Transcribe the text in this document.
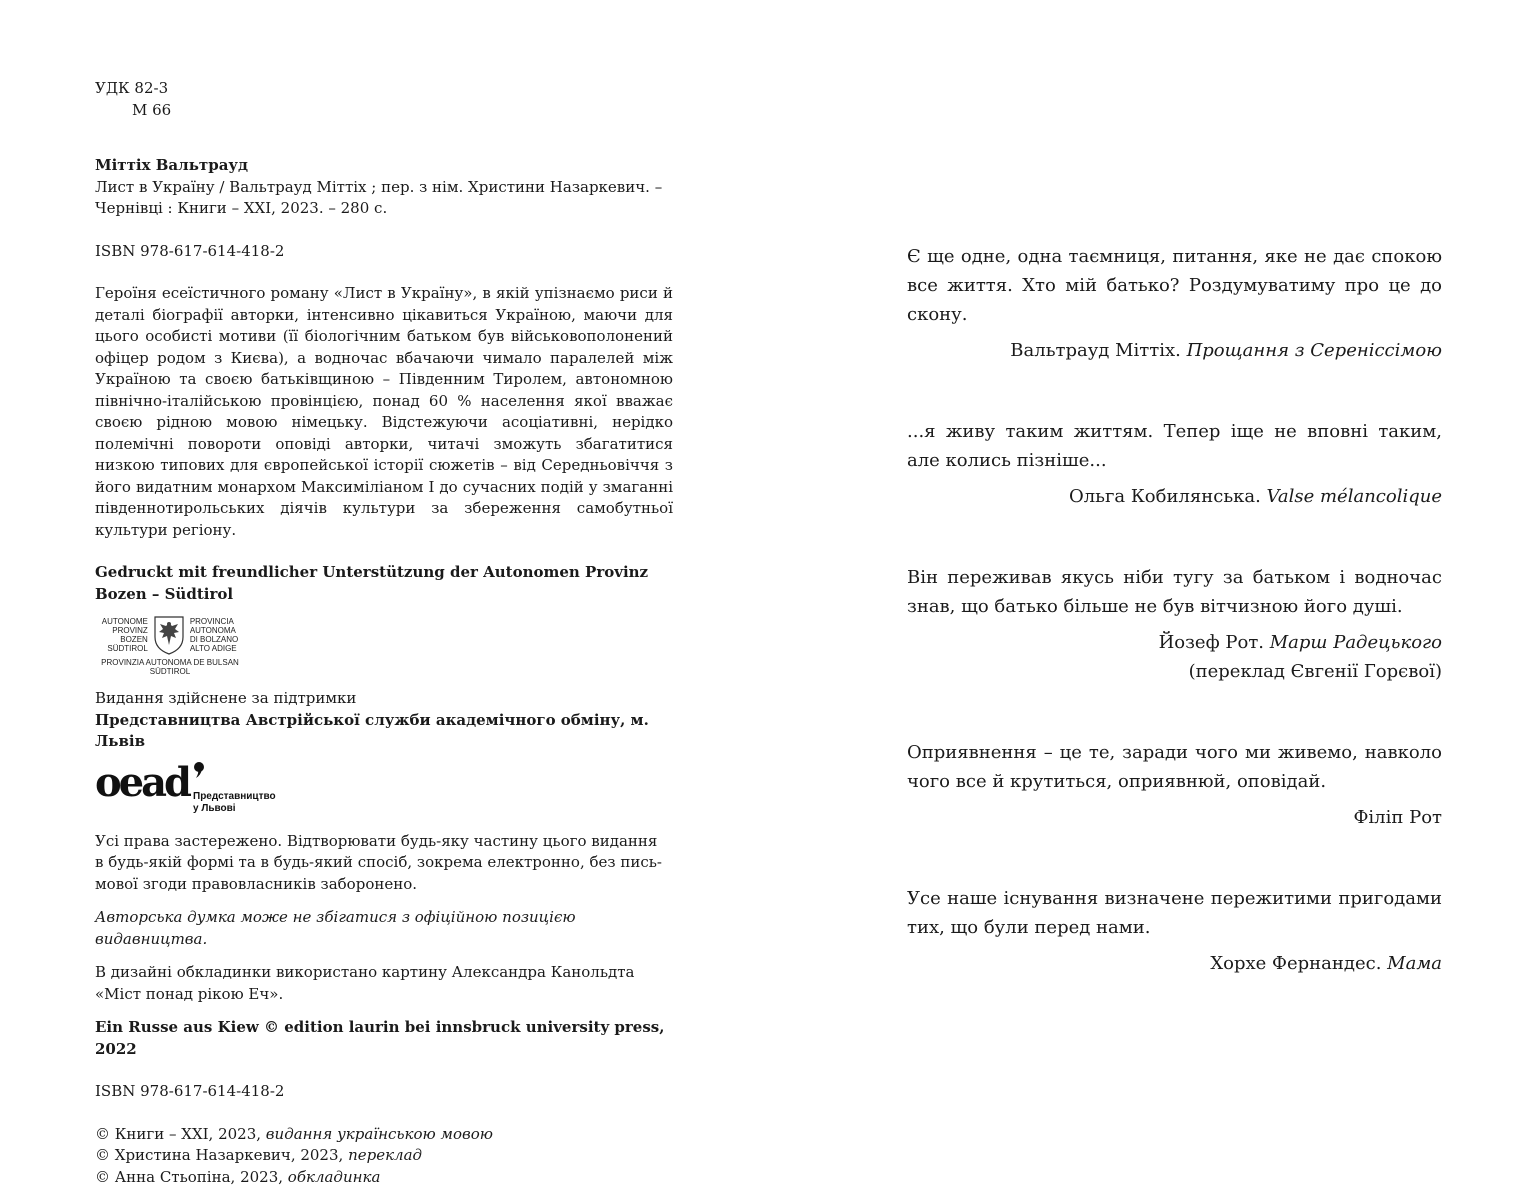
УДК 82-3

М 66

Міттіх Вальтрауд

Лист в Україну / Вальтрауд Міттіх ; пер. з нім. Христини Назаркевич. –

Чернівці : Книги – XXI, 2023. – 280 с.

ISBN 978-617-614-418-2

Героїня есеїстичного роману «Лист в Україну», в якій упізнаємо риси й деталі біографії авторки, інтенсивно цікавиться Україною, маючи для цього особисті мотиви (її біологічним батьком був військовополонений офіцер родом з Києва), а водночас вбачаючи чимало паралелей між Україною та своєю батьківщиною – Південним Тиролем, автономною північно-італійською провінцією, понад 60 % населення якої вважає своєю рідною мовою німецьку. Відстежуючи асоціативні, нерідко полемічні повороти оповіді авторки, читачі зможуть збагатитися низкою типових для європейської історії сюжетів – від Середньовіччя з його видатним монархом Максиміліаном І до сучасних подій у змаганні південнотирольських діячів культури за збереження самобутньої культури регіону.

Gedruckt mit freundlicher Unterstützung der Autonomen Provinz

Bozen – Südtirol

AUTONOME
PROVINZ
BOZEN
SÜDTIROL
PROVINCIA
AUTONOMA
DI BOLZANO
ALTO ADIGE
PROVINZIA AUTONOMA DE BULSAN
SÜDTIROL

Видання здійснене за підтримки

Представництва Австрійської служби академічного обміну, м. Львів

oead Представництво
у Львові

Усі права застережено. Відтворювати будь-яку частину цього видання

в будь-якій формі та в будь-який спосіб, зокрема електронно, без пись-

мової згоди правовласників заборонено.

Авторська думка може не збігатися з офіційною позицією видавництва.

В дизайні обкладинки використано картину Александра Канольдта

«Міст понад рікою Еч».

Ein Russe aus Kiew © edition laurin bei innsbruck university press, 2022

ISBN 978-617-614-418-2

© Книги – XXI, 2023, видання українською мовою

© Христина Назаркевич, 2023, переклад

© Анна Стьопіна, 2023, обкладинка

Є ще одне, одна таємниця, питання, яке не дає спокою все життя. Хто мій батько? Роздумуватиму про це до скону.

Вальтрауд Міттіх. Прощання з Сереніссімою

...я живу таким життям. Тепер іще не вповні таким, але колись пізніше...

Ольга Кобилянська. Valse mélancolique

Він переживав якусь ніби тугу за батьком і водночас знав, що батько більше не був вітчизною його душі.

Йозеф Рот. Марш Радецького

(переклад Євгенії Горєвої)

Оприявнення – це те, заради чого ми живемо, навколо чого все й крутиться, оприявнюй, оповідай.

Філіп Рот

Усе наше існування визначене пережитими пригодами тих, що були перед нами.

Хорхе Фернандес. Мама
